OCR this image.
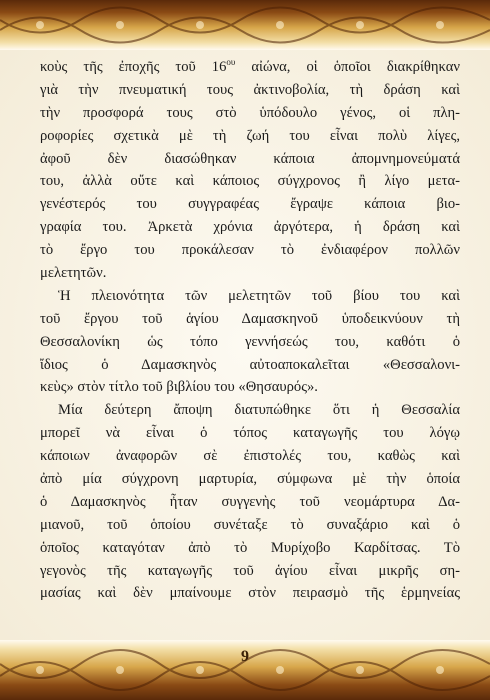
κοὺς τῆς ἐποχῆς τοῦ $16^{o\upsilon}$ αἰώνα, οἱ ὁποῖοι διακρίθηκαν
γιὰ τὴν πνευματική τους ἀκτινοβολία, τὴ δράση καὶ
τὴν προσφορά τους στὸ ὑπόδουλο γένος, οἱ πλη-
ροφορίες σχετικὰ μὲ τὴ ζωή του εἶναι πολὺ λίγες,
ἀφοῦ δὲν διασώθηκαν κάποια ἀπομνημονεύματά
του, ἀλλὰ οὔτε καὶ κάποιος σύγχρονος ἢ λίγο μετα-
γενέστερός του συγγραφέας ἔγραψε κάποια βιο-
γραφία του. Ἀρκετὰ χρόνια ἀργότερα, ἡ δράση καὶ
τὸ ἔργο του προκάλεσαν τὸ ἐνδιαφέρον πολλῶν
μελετητῶν.
Ἡ πλειονότητα τῶν μελετητῶν τοῦ βίου του καὶ
τοῦ ἔργου τοῦ ἁγίου Δαμασκηνοῦ ὑποδεικνύουν τὴ
Θεσσαλονίκη ὡς τόπο γεννήσεώς του, καθότι ὁ
ἴδιος ὁ Δαμασκηνὸς αὐτοαποκαλεῖται «Θεσσαλονι-
κεὺς» στὸν τίτλο τοῦ βιβλίου του «Θησαυρός».
Μία δεύτερη ἄποψη διατυπώθηκε ὅτι ἡ Θεσσαλία
μπορεῖ νὰ εἶναι ὁ τόπος καταγωγῆς του λόγῳ
κάποιων ἀναφορῶν σὲ ἐπιστολές του, καθὼς καὶ
ἀπὸ μία σύγχρονη μαρτυρία, σύμφωνα μὲ τὴν ὁποία
ὁ Δαμασκηνὸς ἦταν συγγενὴς τοῦ νεομάρτυρα Δα-
μιανοῦ, τοῦ ὁποίου συνέταξε τὸ συναξάριο καὶ ὁ
ὁποῖος καταγόταν ἀπὸ τὸ Μυρίχοβο Καρδίτσας. Τὸ
γεγονὸς τῆς καταγωγῆς τοῦ ἁγίου εἶναι μικρῆς ση-
μασίας καὶ δὲν μπαίνουμε στὸν πειρασμὸ τῆς ἑρμηνείας
9
